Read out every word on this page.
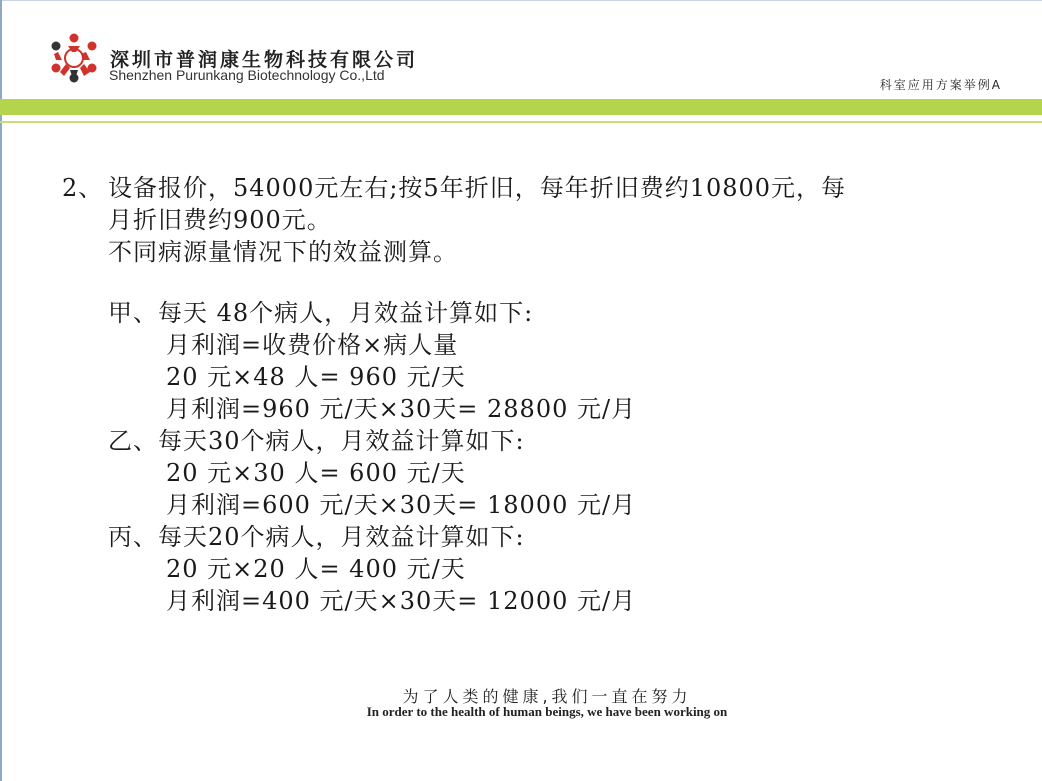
深圳市普润康生物科技有限公司
Shenzhen Purunkang Biotechnology Co.,Ltd
科室应用方案举例A
2、 设备报价，54000元左右;按5年折旧，每年折旧费约10800元，每
月折旧费约900元。
不同病源量情况下的效益测算。
甲、每天 48个病人，月效益计算如下:
月利润=收费价格×病人量
20 元×48 人= 960 元/天
月利润=960 元/天×30天= 28800 元/月
乙、每天30个病人，月效益计算如下:
20 元×30 人= 600 元/天
月利润=600 元/天×30天= 18000 元/月
丙、每天20个病人，月效益计算如下:
20 元×20 人= 400 元/天
月利润=400 元/天×30天= 12000 元/月
为了人类的健康,我们一直在努力
In order to the health of human beings, we have been working on
